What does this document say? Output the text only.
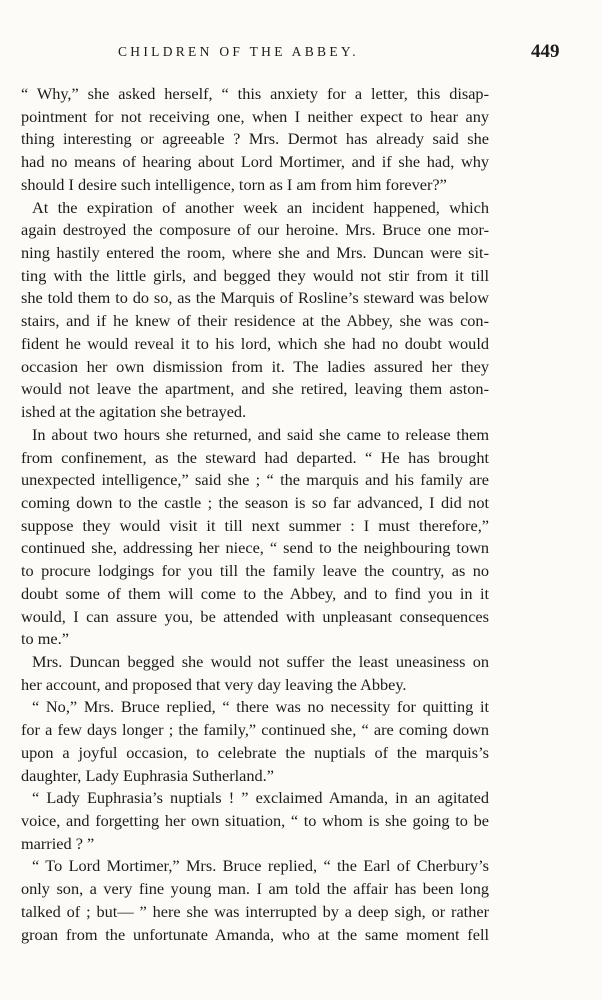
CHILDREN OF THE ABBEY.	449
“ Why,” she asked herself, “ this anxiety for a letter, this disap-
pointment for not receiving one, when I neither expect to hear any
thing interesting or agreeable ? Mrs. Dermot has already said she
had no means of hearing about Lord Mortimer, and if she had, why
should I desire such intelligence, torn as I am from him forever?”
At the expiration of another week an incident happened, which
again destroyed the composure of our heroine. Mrs. Bruce one mor-
ning hastily entered the room, where she and Mrs. Duncan were sit-
ting with the little girls, and begged they would not stir from it till
she told them to do so, as the Marquis of Rosline’s steward was below
stairs, and if he knew of their residence at the Abbey, she was con-
fident he would reveal it to his lord, which she had no doubt would
occasion her own dismission from it. The ladies assured her they
would not leave the apartment, and she retired, leaving them aston-
ished at the agitation she betrayed.
In about two hours she returned, and said she came to release them
from confinement, as the steward had departed. “ He has brought
unexpected intelligence,” said she ; “ the marquis and his family are
coming down to the castle ; the season is so far advanced, I did not
suppose they would visit it till next summer : I must therefore,”
continued she, addressing her niece, “ send to the neighbouring town
to procure lodgings for you till the family leave the country, as no
doubt some of them will come to the Abbey, and to find you in it
would, I can assure you, be attended with unpleasant consequences
to me.”
Mrs. Duncan begged she would not suffer the least uneasiness on
her account, and proposed that very day leaving the Abbey.
“ No,” Mrs. Bruce replied, “ there was no necessity for quitting it
for a few days longer ; the family,” continued she, “ are coming down
upon a joyful occasion, to celebrate the nuptials of the marquis’s
daughter, Lady Euphrasia Sutherland.”
“ Lady Euphrasia’s nuptials ! ” exclaimed Amanda, in an agitated
voice, and forgetting her own situation, “ to whom is she going to be
married ? ”
“ To Lord Mortimer,” Mrs. Bruce replied, “ the Earl of Cherbury’s
only son, a very fine young man. I am told the affair has been long
talked of ; but— ” here she was interrupted by a deep sigh, or rather
groan from the unfortunate Amanda, who at the same moment fell
